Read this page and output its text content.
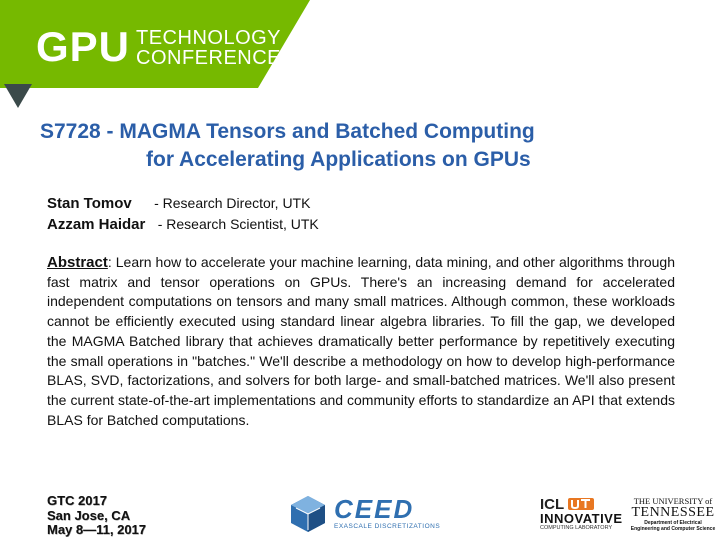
GPU TECHNOLOGY
CONFERENCE
S7728 - MAGMA Tensors and Batched Computing
for Accelerating Applications on GPUs
Stan Tomov - Research Director, UTK
Azzam Haidar - Research Scientist, UTK
Abstract: Learn how to accelerate your machine learning, data mining, and other algorithms through fast matrix and tensor operations on GPUs. There's an increasing demand for accelerated independent computations on tensors and many small matrices. Although common, these workloads cannot be efficiently executed using standard linear algebra libraries. To fill the gap, we developed the MAGMA Batched library that achieves dramatically better performance by repetitively executing the small operations in "batches." We'll describe a methodology on how to develop high-performance BLAS, SVD, factorizations, and solvers for both large- and small-batched matrices. We'll also present the current state-of-the-art implementations and community efforts to standardize an API that extends BLAS for Batched computations.
GTC 2017
San Jose, CA
May 8—11, 2017
CEED
EXASCALE DISCRETIZATIONS
ICL
INNOVATIVE
COMPUTING LABORATORY
THE UNIVERSITY of
TENNESSEE
Department of Electrical Engineering and Computer Science
